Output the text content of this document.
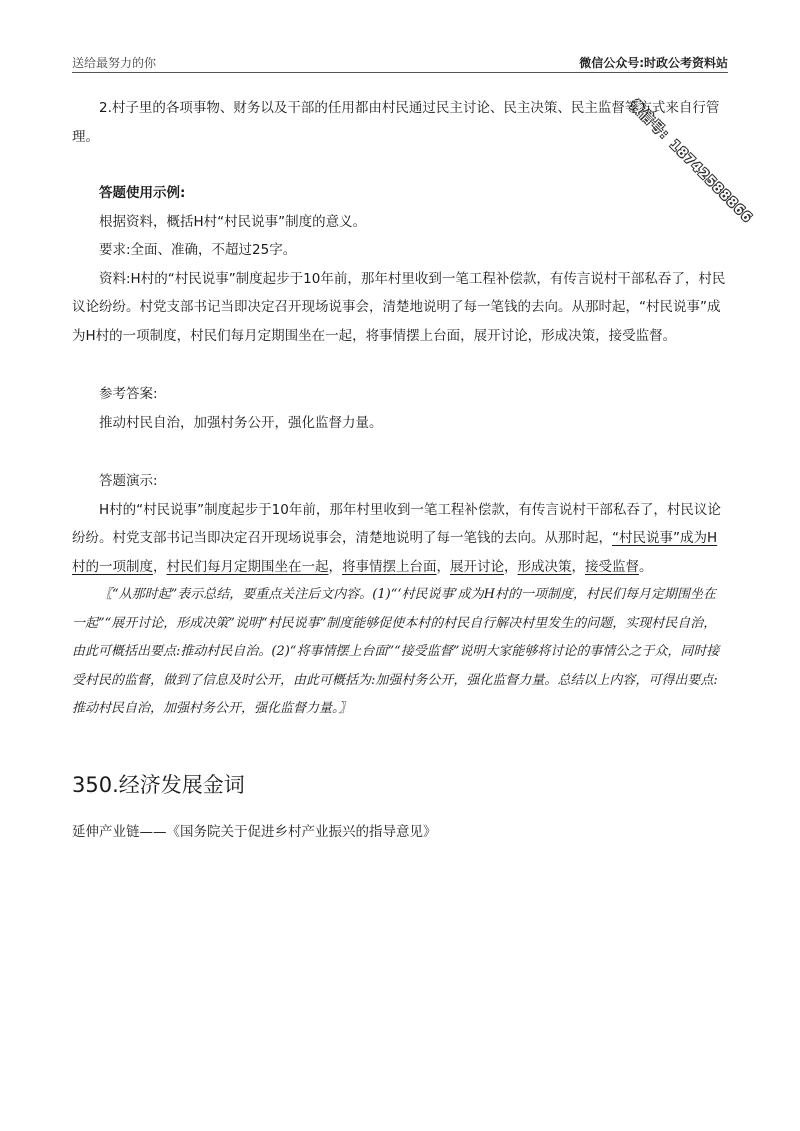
送给最努力的你	微信公众号:时政公考资料站
微信号：18742588866

2.村子里的各项事物、财务以及干部的任用都由村民通过民主讨论、民主决策、民主监督等方式来自行管理。

答题使用示例:

根据资料，概括H村“村民说事”制度的意义。

要求:全面、准确，不超过25字。

资料:H村的“村民说事”制度起步于10年前，那年村里收到一笔工程补偿款，有传言说村干部私吞了，村民议论纷纷。村党支部书记当即决定召开现场说事会，清楚地说明了每一笔钱的去向。从那时起，“村民说事”成为H村的一项制度，村民们每月定期围坐在一起，将事情摆上台面，展开讨论，形成决策，接受监督。

参考答案:

推动村民自治，加强村务公开，强化监督力量。

答题演示:

H村的“村民说事”制度起步于10年前，那年村里收到一笔工程补偿款，有传言说村干部私吞了，村民议论纷纷。村党支部书记当即决定召开现场说事会，清楚地说明了每一笔钱的去向。从那时起，“村民说事”成为H村的一项制度，村民们每月定期围坐在一起，将事情摆上台面，展开讨论，形成决策，接受监督。

〖“从那时起”表示总结，要重点关注后文内容。(1)“‘村民说事’成为H村的一项制度，村民们每月定期围坐在一起”“展开讨论，形成决策”说明“村民说事”制度能够促使本村的村民自行解决村里发生的问题，实现村民自治，由此可概括出要点:推动村民自治。(2)“将事情摆上台面”“接受监督”说明大家能够将讨论的事情公之于众，同时接受村民的监督，做到了信息及时公开，由此可概括为:加强村务公开，强化监督力量。总结以上内容，可得出要点:推动村民自治，加强村务公开，强化监督力量。〗

350.经济发展金词

延伸产业链——《国务院关于促进乡村产业振兴的指导意见》
